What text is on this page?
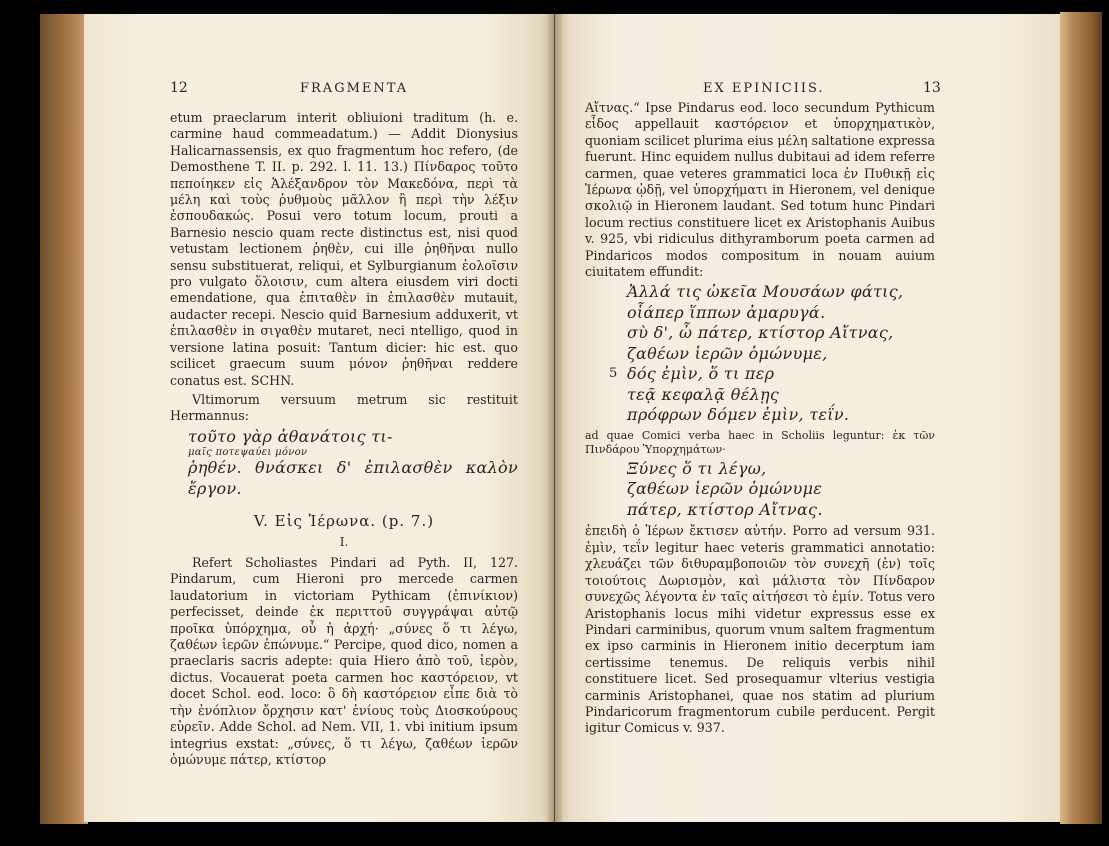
12	FRAGMENTA

etum praeclarum interit obliuioni traditum (h. e. carmine haud commeadatum.) — Addit Dionysius Halicarnassensis, ex quo fragmentum hoc refero, (de Demosthene T. II. p. 292. l. 11. 13.) Πίνδαρος τοῦτο πεποίηκεν εἰς Ἀλέξανδρον τὸν Μακεδόνα, περὶ τὰ μέλη καὶ τοὺς ῥυθμοὺς μᾶλλον ἢ περὶ τὴν λέξιν ἐσπουδακώς. Posui vero totum locum, prouti a Barnesio nescio quam recte distinctus est, nisi quod vetustam lectionem ῥηθὲν, cui ille ῥηθῆναι nullo sensu substituerat, reliqui, et Sylburgianum ἐολοῖσιν pro vulgato ὅλοισιν, cum altera eiusdem viri docti emendatione, qua ἐπιταθὲν in ἐπιλασθὲν mutauit, audacter recepi. Nescio quid Barnesium adduxerit, vt ἐπιλασθὲν in σιγαθὲν mutaret, neci ntelligo, quod in versione latina posuit: Tantum dicier: hic est. quo scilicet graecum suum μόνον ῥηθῆναι reddere conatus est. SCHN.

Vltimorum versuum metrum sic restituit Hermannus:

τοῦτο γὰρ ἀθανάτοις τι-
μαῖς ποτεψαύει μόνον
ῥηθέν. θνάσκει δ' ἐπιλασθὲν καλὸν ἔργον.
V. Εἰς Ἱέρωνα. (p. 7.)
I.

Refert Scholiastes Pindari ad Pyth. II, 127. Pindarum, cum Hieroni pro mercede carmen laudatorium in victoriam Pythicam (ἐπινίκιον) perfecisset, deinde ἐκ περιττοῦ συγγράψαι αὐτῷ προῖκα ὑπόρχημα, οὗ ἡ ἀρχή· „σύνες ὅ τι λέγω, ζαθέων ἱερῶν ἐπώνυμε.“ Percipe, quod dico, nomen a praeclaris sacris adepte: quia Hiero ἀπὸ τοῦ, ἱερὸν, dictus. Vocauerat poeta carmen hoc καστόρειον, vt docet Schol. eod. loco: ὃ δὴ καστόρειον εἶπε διὰ τὸ τὴν ἐνόπλιον ὄρχησιν κατ' ἐνίους τοὺς Διοσκούρους εὑρεῖν. Adde Schol. ad Nem. VII, 1. vbi initium ipsum integrius exstat: „σύνες, ὅ τι λέγω, ζαθέων ἱερῶν ὁμώνυμε πάτερ, κτίστορ

EX EPINICIIS.	13

Αἴτνας.“ Ipse Pindarus eod. loco secundum Pythicum εἶδος appellauit καστόρειον et ὑπορχηματικὸν, quoniam scilicet plurima eius μέλη saltatione expressa fuerunt. Hinc equidem nullus dubitaui ad idem referre carmen, quae veteres grammatici loca ἐν Πυθικῇ εἰς Ἱέρωνα ᾠδῇ, vel ὑπορχήματι in Hieronem, vel denique σκολιῷ in Hieronem laudant. Sed totum hunc Pindari locum rectius constituere licet ex Aristophanis Auibus v. 925, vbi ridiculus dithyramborum poeta carmen ad Pindaricos modos compositum in nouam auium ciuitatem effundit:

Ἀλλά τις ὠκεῖα Μουσάων φάτις,
οἷάπερ ἵππων ἀμαρυγά.
σὺ δ', ὦ πάτερ, κτίστορ Αἴτνας,
ζαθέων ἱερῶν ὁμώνυμε,
5 δός ἐμὶν, ὅ τι περ
τεᾷ κεφαλᾷ θέλῃς
πρόφρων δόμεν ἐμὶν, τεΐν.

ad quae Comici verba haec in Scholiis leguntur: ἐκ τῶν Πινδάρου Ὑπορχημάτων·

Ξύνες ὅ τι λέγω,
ζαθέων ἱερῶν ὁμώνυμε
πάτερ, κτίστορ Αἴτνας.

ἐπειδὴ ὁ Ἱέρων ἔκτισεν αὐτήν. Porro ad versum 931. ἐμὶν, τεΐν legitur haec veteris grammatici annotatio: χλευάζει τῶν διθυραμβοποιῶν τὸν συνεχῆ (ἐν) τοῖς τοιούτοις Δωρισμὸν, καὶ μάλιστα τὸν Πίνδαρον συνεχῶς λέγοντα ἐν ταῖς αἰτήσεσι τὸ ἐμίν. Totus vero Aristophanis locus mihi videtur expressus esse ex Pindari carminibus, quorum vnum saltem fragmentum ex ipso carminis in Hieronem initio decerptum iam certissime tenemus. De reliquis verbis nihil constituere licet. Sed prosequamur vlterius vestigia carminis Aristophanei, quae nos statim ad plurium Pindaricorum fragmentorum cubile perducent. Pergit igitur Comicus v. 937.
